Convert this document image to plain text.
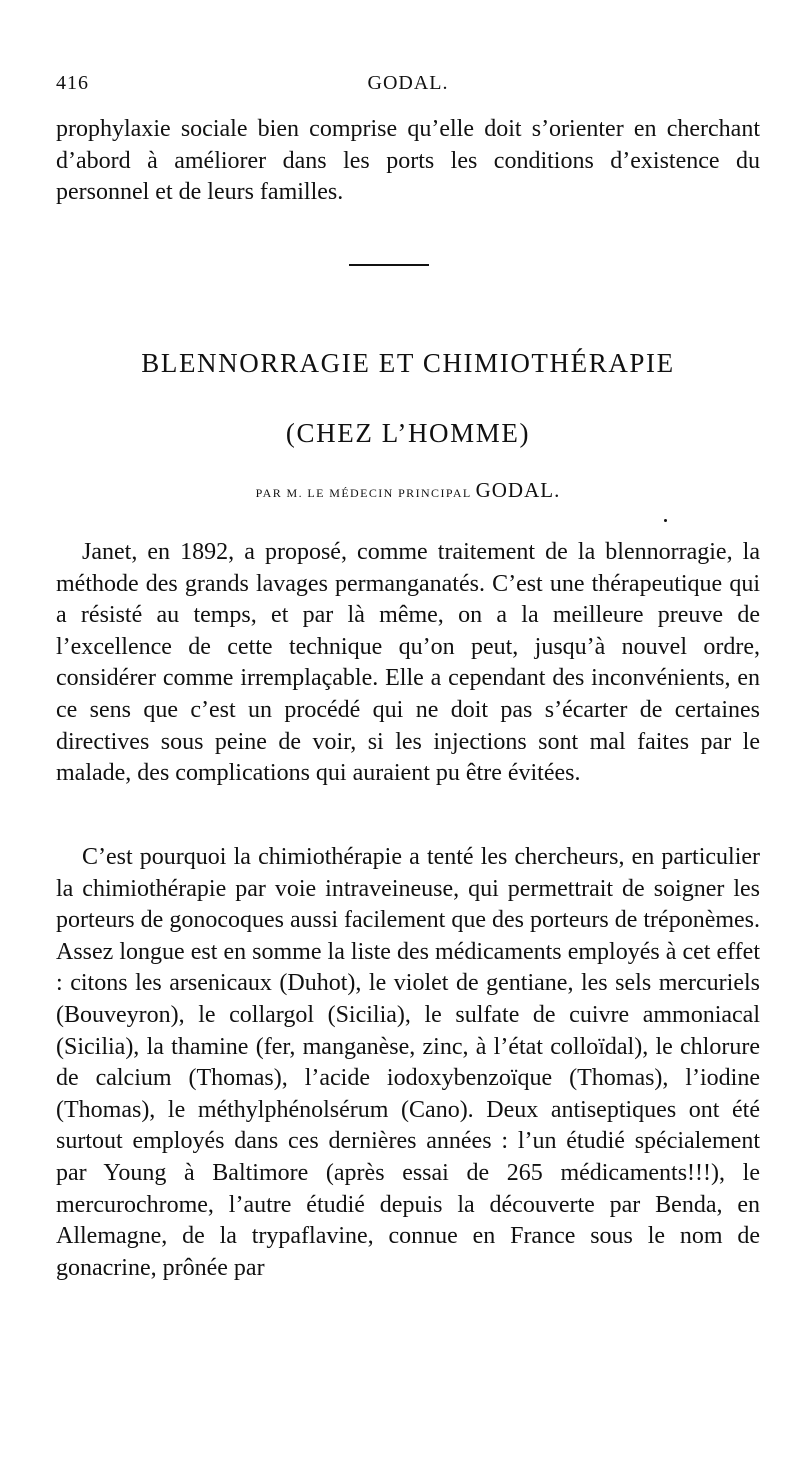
416	GODAL.

prophylaxie sociale bien comprise qu’elle doit s’orienter en cherchant d’abord à améliorer dans les ports les conditions d’existence du personnel et de leurs familles.

BLENNORRAGIE ET CHIMIOTHÉRAPIE
(CHEZ L’HOMME)
PAR M. LE MÉDECIN PRINCIPAL GODAL.

Janet, en 1892, a proposé, comme traitement de la blennorragie, la méthode des grands lavages permanganatés. C’est une thérapeutique qui a résisté au temps, et par là même, on a la meilleure preuve de l’excellence de cette technique qu’on peut, jusqu’à nouvel ordre, considérer comme irremplaçable. Elle a cependant des inconvénients, en ce sens que c’est un procédé qui ne doit pas s’écarter de certaines directives sous peine de voir, si les injections sont mal faites par le malade, des complications qui auraient pu être évitées.

C’est pourquoi la chimiothérapie a tenté les chercheurs, en particulier la chimiothérapie par voie intraveineuse, qui permettrait de soigner les porteurs de gonocoques aussi facilement que des porteurs de tréponèmes. Assez longue est en somme la liste des médicaments employés à cet effet : citons les arsenicaux (Duhot), le violet de gentiane, les sels mercuriels (Bouveyron), le collargol (Sicilia), le sulfate de cuivre ammoniacal (Sicilia), la thamine (fer, manganèse, zinc, à l’état colloïdal), le chlorure de calcium (Thomas), l’acide iodoxybenzoïque (Thomas), l’iodine (Thomas), le méthylphénolsérum (Cano). Deux antiseptiques ont été surtout employés dans ces dernières années : l’un étudié spécialement par Young à Baltimore (après essai de 265 médicaments!!!), le mercurochrome, l’autre étudié depuis la découverte par Benda, en Allemagne, de la trypaflavine, connue en France sous le nom de gonacrine, prônée par
